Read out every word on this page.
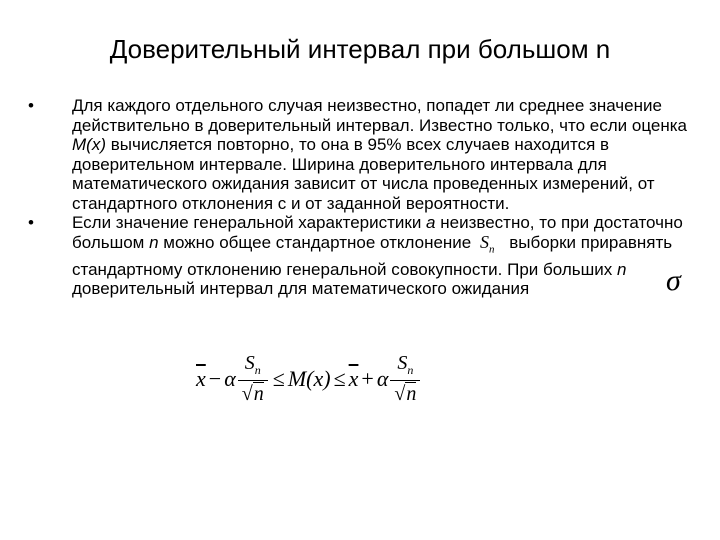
Доверительный интервал при большом n
•	Для каждого отдельного случая неизвестно, попадет ли среднее значение действительно в доверительный интервал. Известно только, что если оценка M(x) вычисляется повторно, то она в 95% всех случаев находится в доверительном интервале. Ширина доверительного интервала для математического ожидания зависит от числа проведенных измерений, от стандартного отклонения с и от заданной вероятности.
•	Если значение генеральной характеристики а неизвестно, то при достаточно большом n можно общее стандартное отклонение $S_n$ выборки приравнять стандартному отклонению генеральной совокупности. При больших n доверительный интервал для математического ожидания	σ
$\overline{x} - \alpha \frac{S_n}{√n} \le M(x) \le \overline{x} + \alpha \frac{S_n}{√n}$
